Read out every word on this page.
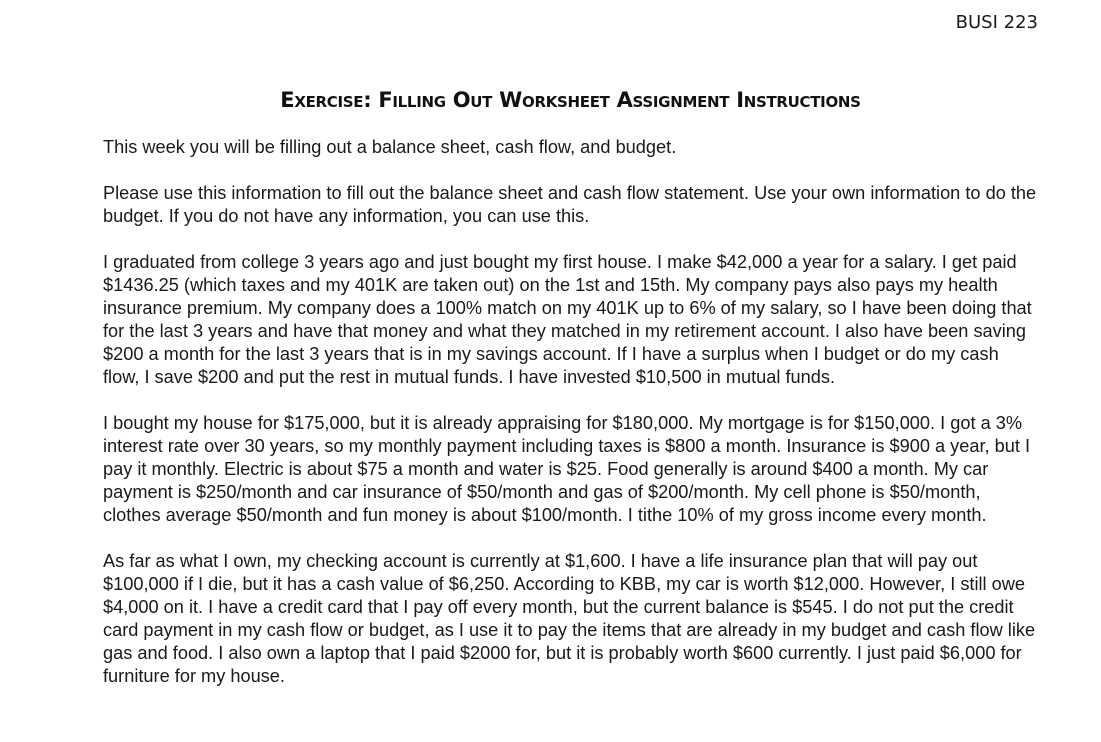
BUSI 223
Exercise: Filling Out Worksheet Assignment Instructions

This week you will be filling out a balance sheet, cash flow, and budget.

Please use this information to fill out the balance sheet and cash flow statement. Use your own information to do the budget. If you do not have any information, you can use this.

I graduated from college 3 years ago and just bought my first house. I make $42,000 a year for a salary. I get paid $1436.25 (which taxes and my 401K are taken out) on the 1st and 15th. My company pays also pays my health insurance premium. My company does a 100% match on my 401K up to 6% of my salary, so I have been doing that for the last 3 years and have that money and what they matched in my retirement account. I also have been saving $200 a month for the last 3 years that is in my savings account. If I have a surplus when I budget or do my cash flow, I save $200 and put the rest in mutual funds. I have invested $10,500 in mutual funds.

I bought my house for $175,000, but it is already appraising for $180,000. My mortgage is for $150,000. I got a 3% interest rate over 30 years, so my monthly payment including taxes is $800 a month. Insurance is $900 a year, but I pay it monthly. Electric is about $75 a month and water is $25. Food generally is around $400 a month. My car payment is $250/month and car insurance of $50/month and gas of $200/month. My cell phone is $50/month, clothes average $50/month and fun money is about $100/month. I tithe 10% of my gross income every month.

As far as what I own, my checking account is currently at $1,600. I have a life insurance plan that will pay out $100,000 if I die, but it has a cash value of $6,250. According to KBB, my car is worth $12,000. However, I still owe $4,000 on it. I have a credit card that I pay off every month, but the current balance is $545. I do not put the credit card payment in my cash flow or budget, as I use it to pay the items that are already in my budget and cash flow like gas and food. I also own a laptop that I paid $2000 for, but it is probably worth $600 currently. I just paid $6,000 for furniture for my house.
